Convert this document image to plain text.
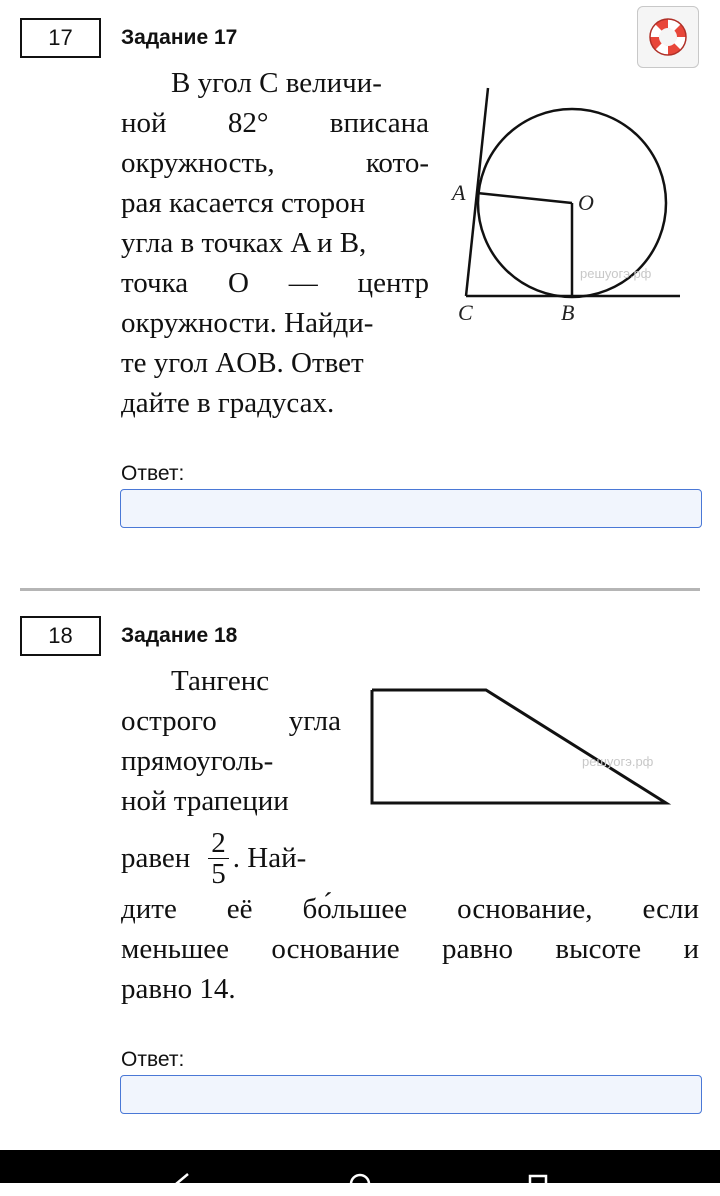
17	Задание 17
В угол С величи-
ной 82° вписана
окружность,	кото-
рая касается сторон
угла в точках A и B,
точка O — центр
окружности. Найди-
те угол AOB. Ответ
дайте в градусах.
решуогэ.рф
A	O
C	B
Ответ:
18	Задание 18
Тангенс
острого угла
прямоуголь-
ной трапеции
дите её бо́льшее основание, если
меньшее основание равно высоте и
равно 14.
равен $\frac{2}{5}$ . Най-
решуогэ.рф
Ответ:
